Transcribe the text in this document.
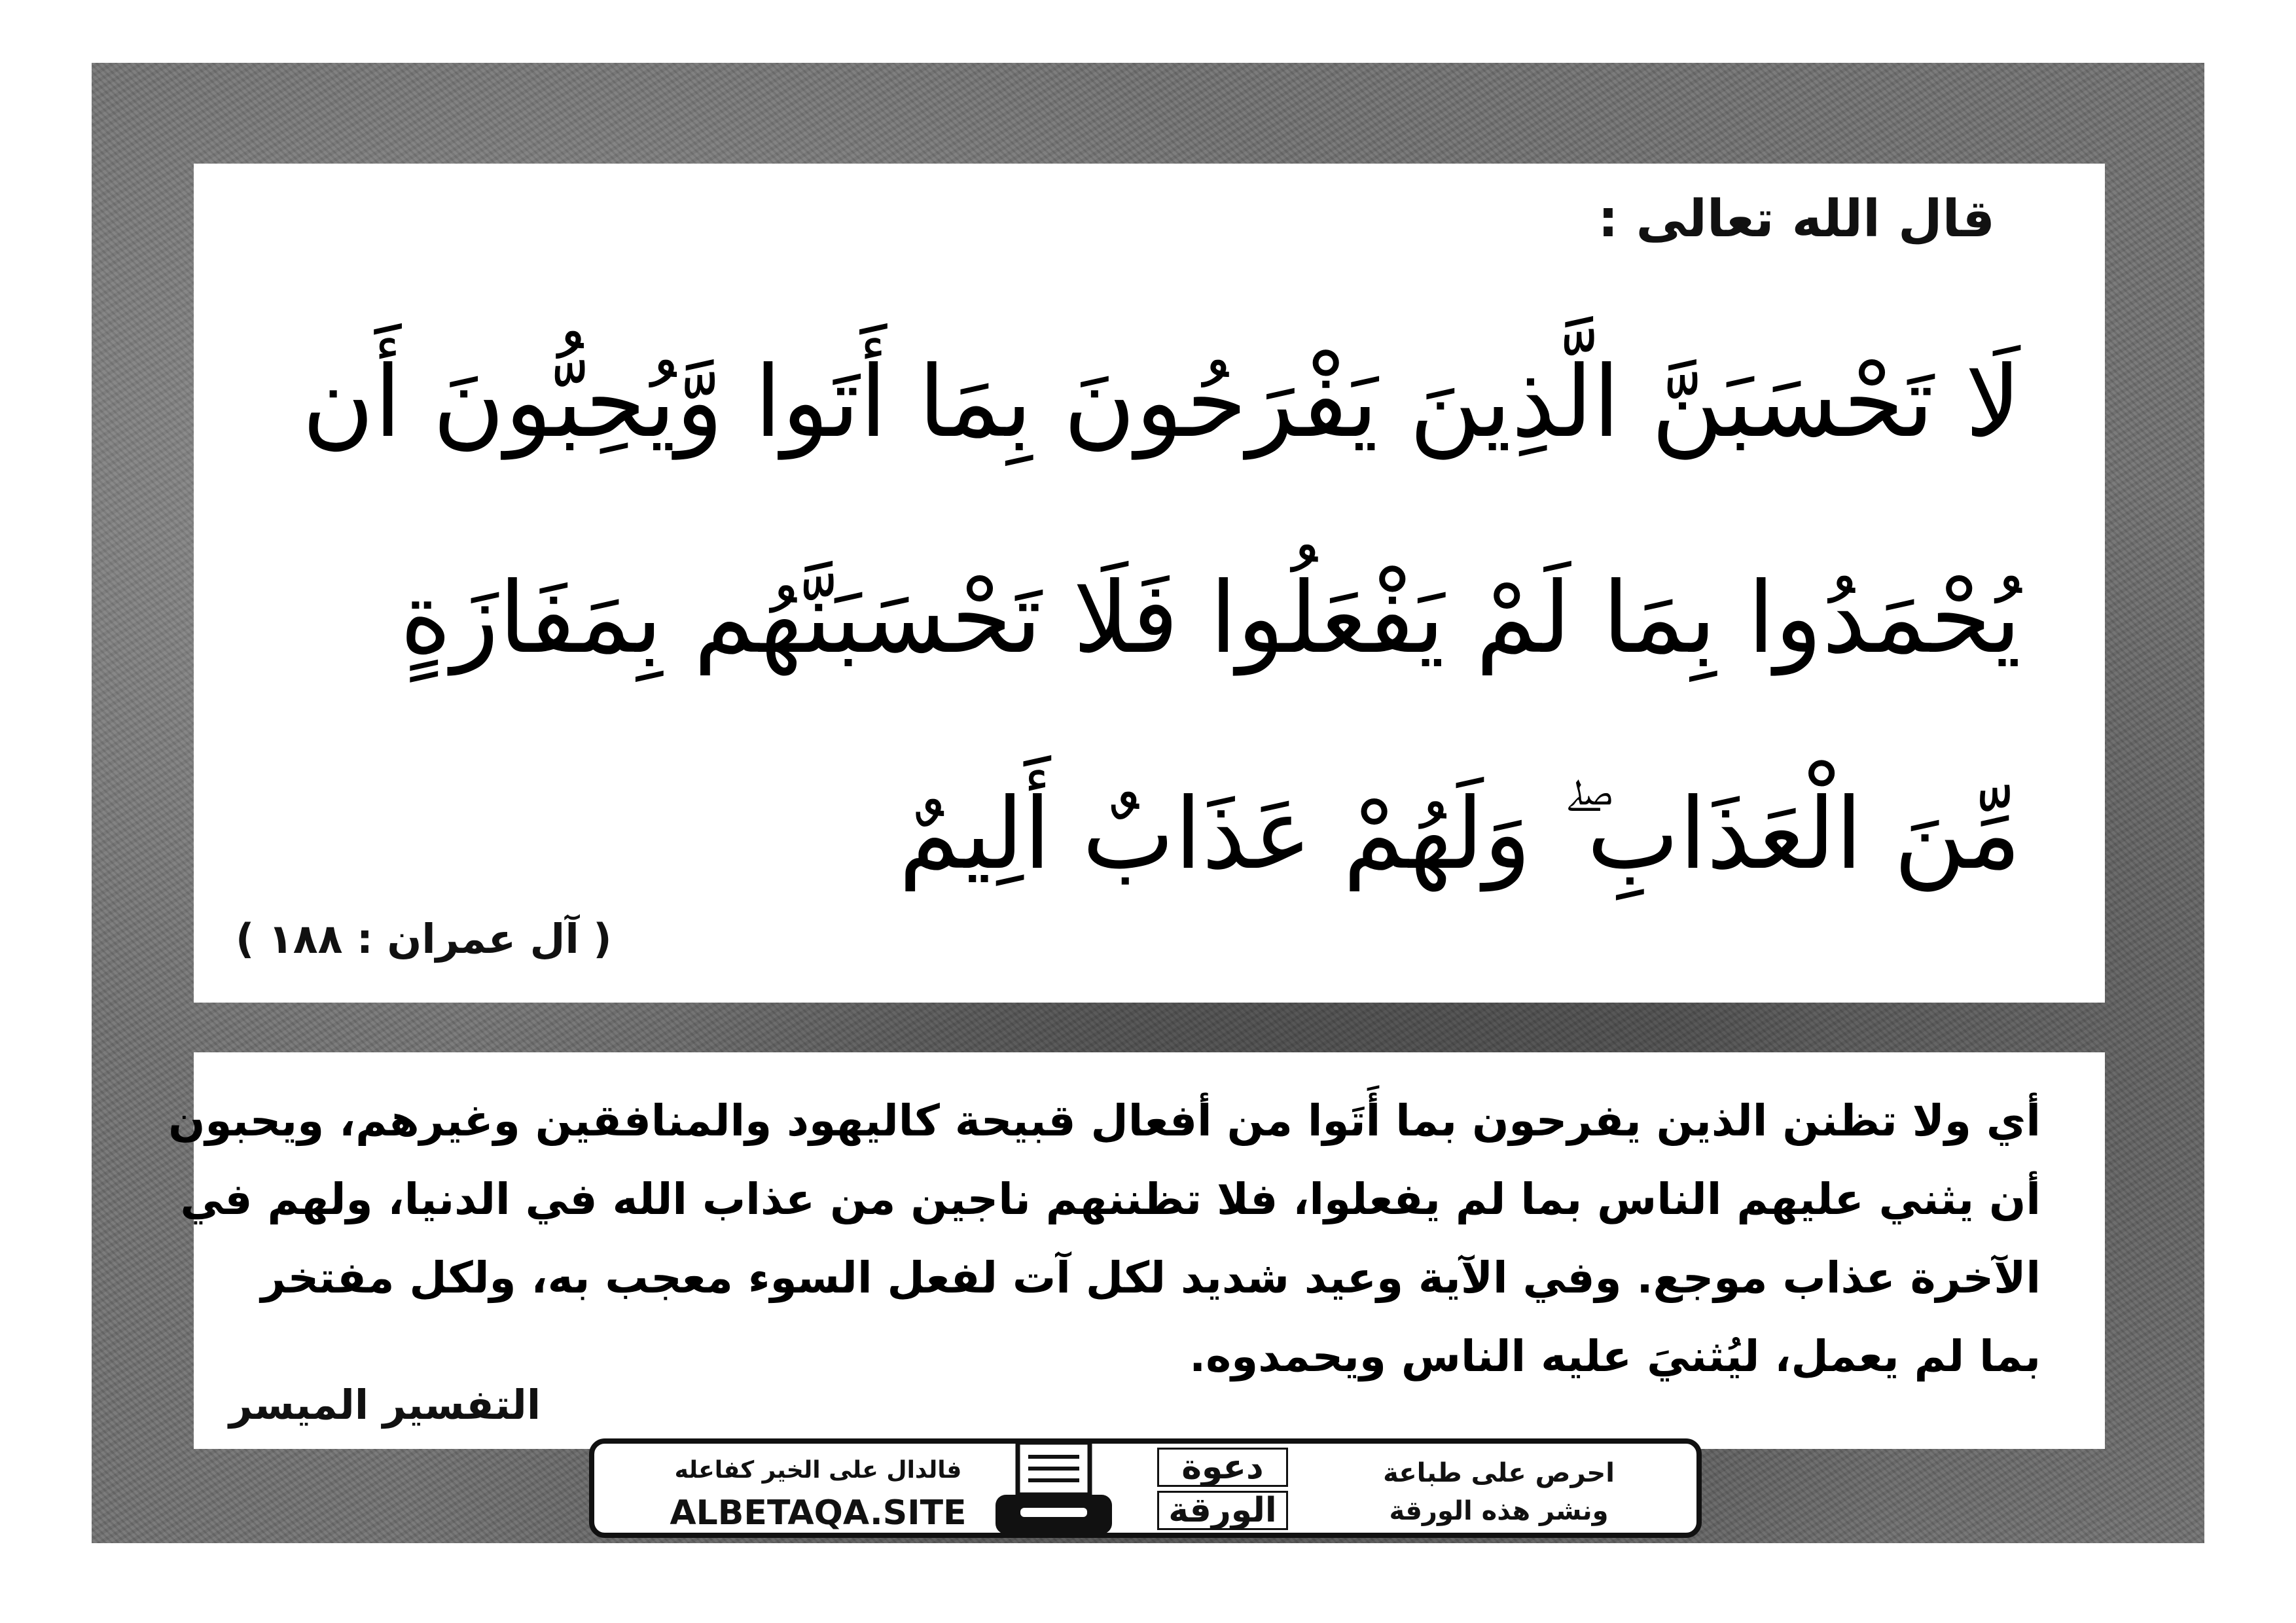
قال الله تعالى :
لَا تَحْسَبَنَّ الَّذِينَ يَفْرَحُونَ بِمَا أَتَوا وَّيُحِبُّونَ أَن
يُحْمَدُوا بِمَا لَمْ يَفْعَلُوا فَلَا تَحْسَبَنَّهُم بِمَفَازَةٍ
مِّنَ الْعَذَابِ ۖ وَلَهُمْ عَذَابٌ أَلِيمٌ
( آل عمران : ١٨٨ )
أي ولا تظنن الذين يفرحون بما أَتَوا من أفعال قبيحة كاليهود والمنافقين وغيرهم، ويحبون
أن يثني عليهم الناس بما لم يفعلوا، فلا تظننهم ناجين من عذاب الله في الدنيا، ولهم في
الآخرة عذاب موجع. وفي الآية وعيد شديد لكل آت لفعل السوء معجب به، ولكل مفتخر
بما لم يعمل، ليُثنيَ عليه الناس ويحمدوه.
التفسير الميسر
فالدال على الخير كفاعله
ALBETAQA.SITE
دعوة
الورقة
احرص على طباعة
ونشر هذه الورقة
